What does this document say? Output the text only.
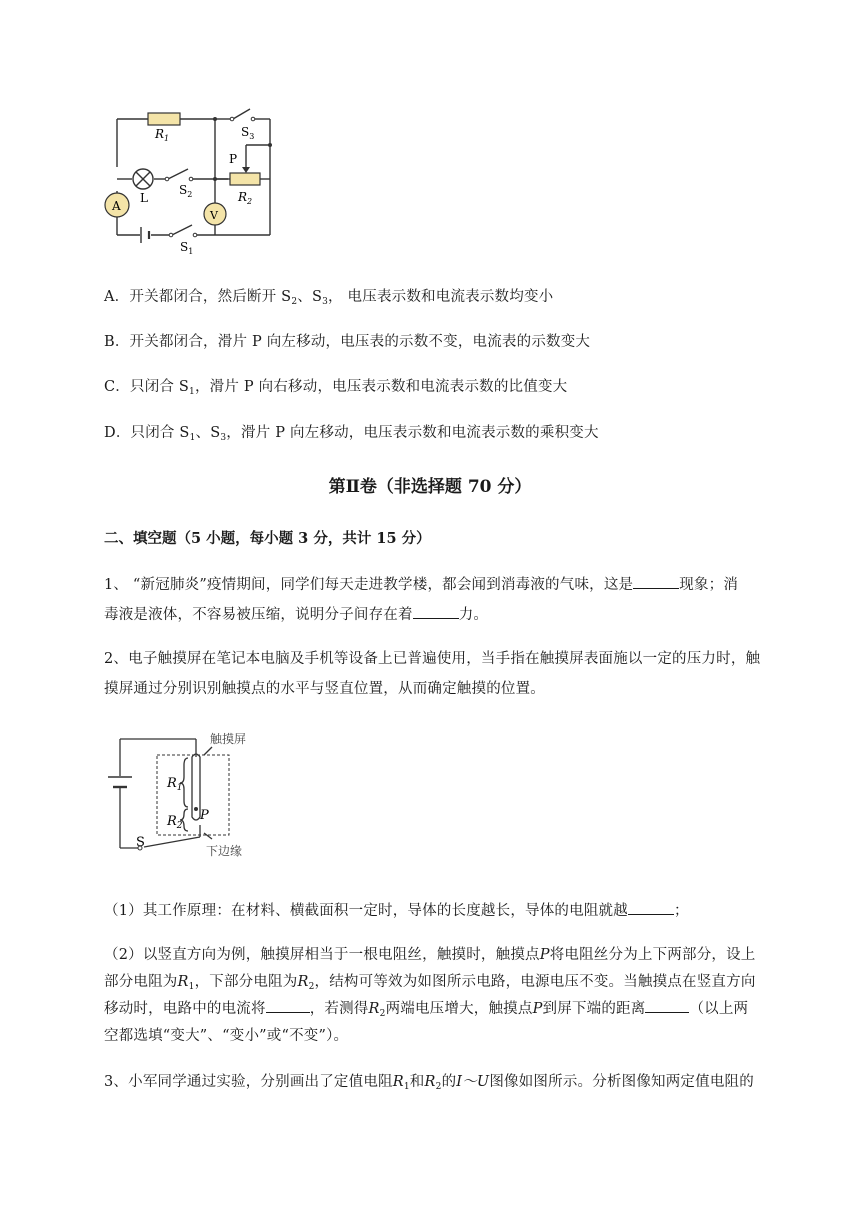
$R_1$	$S_3$
P
L
$S_2$	$R_2$
A
V
$S_1$
A．开关都闭合，然后断开 $S_2$、$S_3$， 电压表示数和电流表示数均变小
B．开关都闭合，滑片 P 向左移动，电压表的示数不变，电流表的示数变大
C．只闭合 $S_1$，滑片 P 向右移动，电压表示数和电流表示数的比值变大
D．只闭合 $S_1$、$S_3$，滑片 P 向左移动，电压表示数和电流表示数的乘积变大
第Ⅱ卷（非选择题 70 分）
二、填空题（5 小题，每小题 3 分，共计 15 分）
1、 “新冠肺炎”疫情期间，同学们每天走进教学楼，都会闻到消毒液的气味，这是	现象；消
毒液是液体，不容易被压缩，说明分子间存在着	力。
2、电子触摸屏在笔记本电脑及手机等设备上已普遍使用，当手指在触摸屏表面施以一定的压力时，触
摸屏通过分别识别触摸点的水平与竖直位置，从而确定触摸的位置。
触摸屏
下边缘
$R_1$
$R_2$
P
S
（1）其工作原理：在材料、横截面积一定时，导体的长度越长，导体的电阻就越	；
（2）以竖直方向为例，触摸屏相当于一根电阻丝，触摸时，触摸点P将电阻丝分为上下两部分，设上
部分电阻为$R_1$，下部分电阻为$R_2$，结构可等效为如图所示电路，电源电压不变。当触摸点在竖直方向
移动时，电路中的电流将	，若测得$R_2$两端电压增大，触摸点P到屏下端的距离	（以上两
空都选填“变大”、“变小”或“不变”）。
3、小军同学通过实验，分别画出了定值电阻$R_1$和$R_2$的I～U图像如图所示。分析图像知两定值电阻的
